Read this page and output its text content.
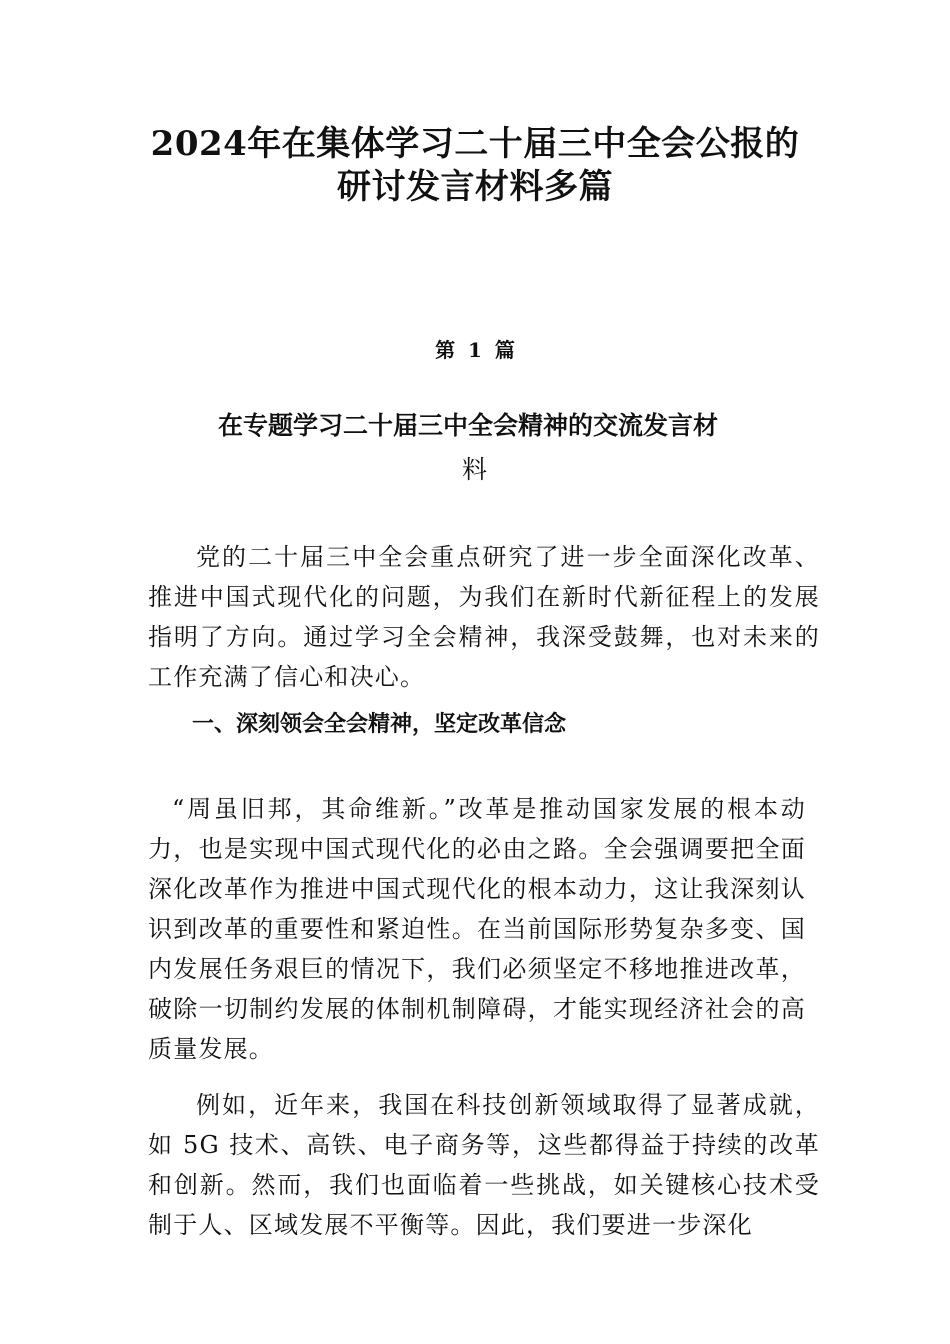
2024年在集体学习二十届三中全会公报的
研讨发言材料多篇
第 1 篇
在专题学习二十届三中全会精神的交流发言材
料

党的二十届三中全会重点研究了进一步全面深化改革、推进中国式现代化的问题，为我们在新时代新征程上的发展指明了方向。通过学习全会精神，我深受鼓舞，也对未来的工作充满了信心和决心。

一、深刻领会全会精神，坚定改革信念

“周虽旧邦，其命维新。”改革是推动国家发展的根本动力，也是实现中国式现代化的必由之路。全会强调要把全面深化改革作为推进中国式现代化的根本动力，这让我深刻认识到改革的重要性和紧迫性。在当前国际形势复杂多变、国内发展任务艰巨的情况下，我们必须坚定不移地推进改革，破除一切制约发展的体制机制障碍，才能实现经济社会的高质量发展。

例如，近年来，我国在科技创新领域取得了显著成就，如 5G 技术、高铁、电子商务等，这些都得益于持续的改革和创新。然而，我们也面临着一些挑战，如关键核心技术受制于人、区域发展不平衡等。因此，我们要进一步深化
